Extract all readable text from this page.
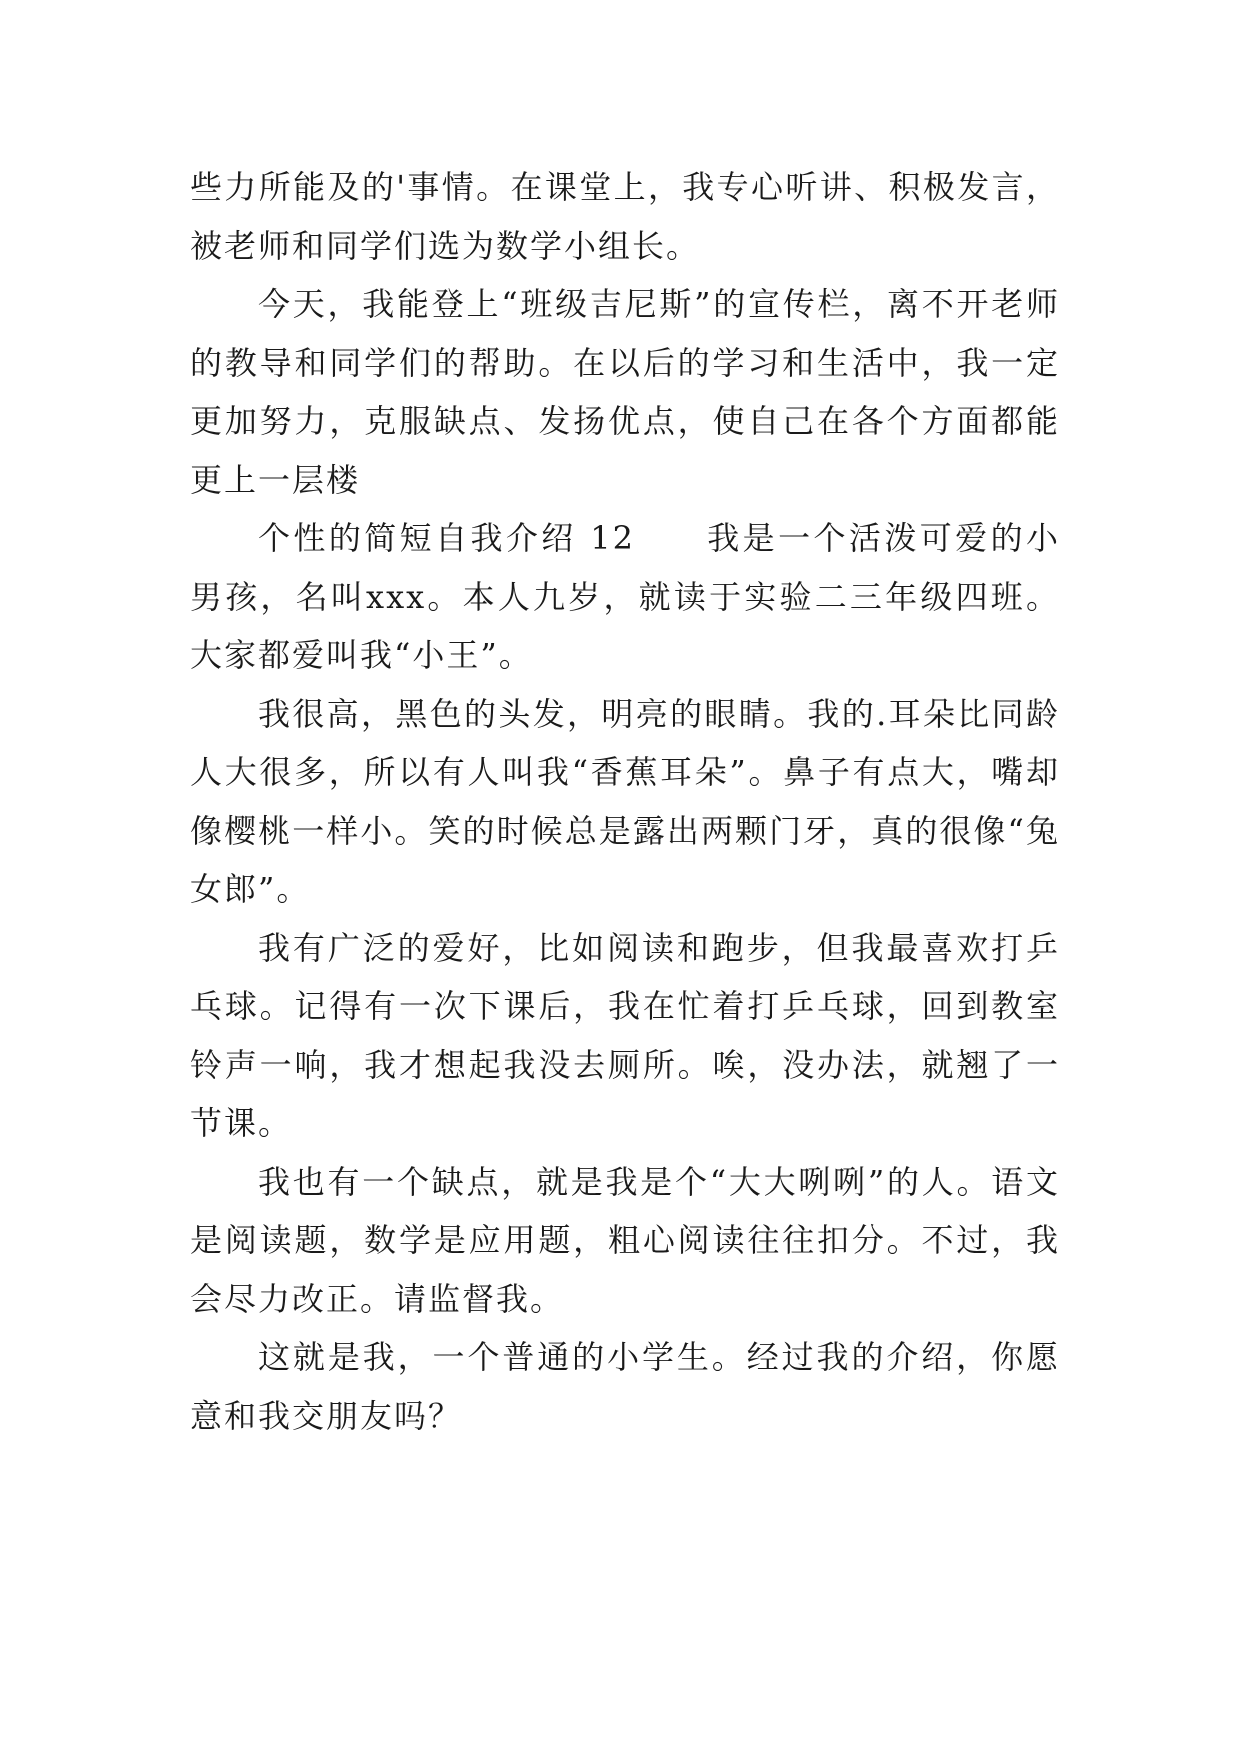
些力所能及的'事情。在课堂上，我专心听讲、积极发言，被老师和同学们选为数学小组长。

今天，我能登上“班级吉尼斯”的宣传栏，离不开老师的教导和同学们的帮助。在以后的学习和生活中，我一定更加努力，克服缺点、发扬优点，使自己在各个方面都能更上一层楼

个性的简短自我介绍 12　　我是一个活泼可爱的小男孩，名叫xxx。本人九岁，就读于实验二三年级四班。大家都爱叫我“小王”。

我很高，黑色的头发，明亮的眼睛。我的.耳朵比同龄人大很多，所以有人叫我“香蕉耳朵”。鼻子有点大，嘴却像樱桃一样小。笑的时候总是露出两颗门牙，真的很像“兔女郎”。

我有广泛的爱好，比如阅读和跑步，但我最喜欢打乒乓球。记得有一次下课后，我在忙着打乒乓球，回到教室铃声一响，我才想起我没去厕所。唉，没办法，就翘了一节课。

我也有一个缺点，就是我是个“大大咧咧”的人。语文是阅读题，数学是应用题，粗心阅读往往扣分。不过，我会尽力改正。请监督我。

这就是我，一个普通的小学生。经过我的介绍，你愿意和我交朋友吗？
